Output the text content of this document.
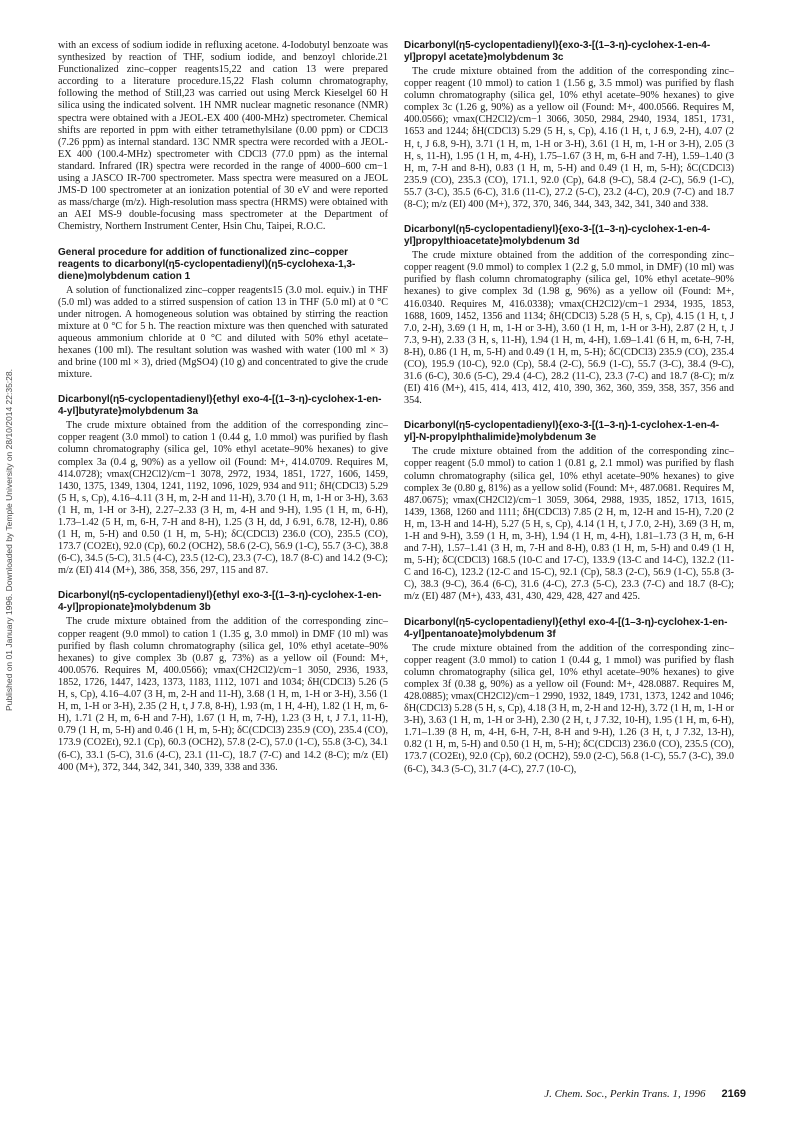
Published on 01 January 1996. Downloaded by Temple University on 28/10/2014 22:35:28.

with an excess of sodium iodide in refluxing acetone. 4-Iodobutyl benzoate was synthesized by reaction of THF, sodium iodide, and benzoyl chloride.21 Functionalized zinc–copper reagents15,22 and cation 13 were prepared according to a literature procedure.15,22 Flash column chromatography, following the method of Still,23 was carried out using Merck Kieselgel 60 H silica using the indicated solvent. 1H NMR nuclear magnetic resonance (NMR) spectra were obtained with a JEOL-EX 400 (400-MHz) spectrometer. Chemical shifts are reported in ppm with either tetramethylsilane (0.00 ppm) or CDCl3 (7.26 ppm) as internal standard. 13C NMR spectra were recorded with a JEOL-EX 400 (100.4-MHz) spectrometer with CDCl3 (77.0 ppm) as the internal standard. Infrared (IR) spectra were recorded in the range of 4000–600 cm−1 using a JASCO IR-700 spectrometer. Mass spectra were measured on a JEOL JMS-D 100 spectrometer at an ionization potential of 30 eV and were reported as mass/charge (m/z). High-resolution mass spectra (HRMS) were obtained with an AEI MS-9 double-focusing mass spectrometer at the Department of Chemistry, Northern Instrument Center, Hsin Chu, Taipei, R.O.C.

General procedure for addition of functionalized zinc–copper reagents to dicarbonyl(η5-cyclopentadienyl)(η5-cyclohexa-1,3-diene)molybdenum cation 1

A solution of functionalized zinc–copper reagents15 (3.0 mol. equiv.) in THF (5.0 ml) was added to a stirred suspension of cation 13 in THF (5.0 ml) at 0 °C under nitrogen. A homogeneous solution was obtained by stirring the reaction mixture at 0 °C for 5 h. The reaction mixture was then quenched with saturated aqueous ammonium chloride at 0 °C and diluted with 50% ethyl acetate–hexanes (100 ml). The resultant solution was washed with water (100 ml × 3) and brine (100 ml × 3), dried (MgSO4) (10 g) and concentrated to give the crude mixture.

Dicarbonyl(η5-cyclopentadienyl){ethyl exo-4-[(1–3-η)-cyclohex-1-en-4-yl]butyrate}molybdenum 3a

The crude mixture obtained from the addition of the corresponding zinc–copper reagent (3.0 mmol) to cation 1 (0.44 g, 1.0 mmol) was purified by flash column chromatography (silica gel, 10% ethyl acetate–90% hexanes) to give complex 3a (0.4 g, 90%) as a yellow oil (Found: M+, 414.0709. Requires M, 414.0728); νmax(CH2Cl2)/cm−1 3078, 2972, 1934, 1851, 1727, 1606, 1459, 1430, 1375, 1349, 1304, 1241, 1192, 1096, 1029, 934 and 911; δH(CDCl3) 5.29 (5 H, s, Cp), 4.16–4.11 (3 H, m, 2-H and 11-H), 3.70 (1 H, m, 1-H or 3-H), 3.63 (1 H, m, 1-H or 3-H), 2.27–2.33 (3 H, m, 4-H and 9-H), 1.95 (1 H, m, 6-H), 1.73–1.42 (5 H, m, 6-H, 7-H and 8-H), 1.25 (3 H, dd, J 6.91, 6.78, 12-H), 0.86 (1 H, m, 5-H) and 0.50 (1 H, m, 5-H); δC(CDCl3) 236.0 (CO), 235.5 (CO), 173.7 (CO2Et), 92.0 (Cp), 60.2 (OCH2), 58.6 (2-C), 56.9 (1-C), 55.7 (3-C), 38.8 (6-C), 34.5 (5-C), 31.5 (4-C), 23.5 (12-C), 23.3 (7-C), 18.7 (8-C) and 14.2 (9-C); m/z (EI) 414 (M+), 386, 358, 356, 297, 115 and 87.

Dicarbonyl(η5-cyclopentadienyl){ethyl exo-3-[(1–3-η)-cyclohex-1-en-4-yl]propionate}molybdenum 3b

The crude mixture obtained from the addition of the corresponding zinc–copper reagent (9.0 mmol) to cation 1 (1.35 g, 3.0 mmol) in DMF (10 ml) was purified by flash column chromatography (silica gel, 10% ethyl acetate–90% hexanes) to give complex 3b (0.87 g, 73%) as a yellow oil (Found: M+, 400.0576. Requires M, 400.0566); νmax(CH2Cl2)/cm−1 3050, 2936, 1933, 1852, 1726, 1447, 1423, 1373, 1183, 1112, 1071 and 1034; δH(CDCl3) 5.26 (5 H, s, Cp), 4.16–4.07 (3 H, m, 2-H and 11-H), 3.68 (1 H, m, 1-H or 3-H), 3.56 (1 H, m, 1-H or 3-H), 2.35 (2 H, t, J 7.8, 8-H), 1.93 (m, 1 H, 4-H), 1.82 (1 H, m, 6-H), 1.71 (2 H, m, 6-H and 7-H), 1.67 (1 H, m, 7-H), 1.23 (3 H, t, J 7.1, 11-H), 0.79 (1 H, m, 5-H) and 0.46 (1 H, m, 5-H); δC(CDCl3) 235.9 (CO), 235.4 (CO), 173.9 (CO2Et), 92.1 (Cp), 60.3 (OCH2), 57.8 (2-C), 57.0 (1-C), 55.8 (3-C), 34.1 (6-C), 33.1 (5-C), 31.6 (4-C), 23.1 (11-C), 18.7 (7-C) and 14.2 (8-C); m/z (EI) 400 (M+), 372, 344, 342, 341, 340, 339, 338 and 336.

Dicarbonyl(η5-cyclopentadienyl){exo-3-[(1–3-η)-cyclohex-1-en-4-yl]propyl acetate}molybdenum 3c

The crude mixture obtained from the addition of the corresponding zinc–copper reagent (10 mmol) to cation 1 (1.56 g, 3.5 mmol) was purified by flash column chromatography (silica gel, 10% ethyl acetate–90% hexanes) to give complex 3c (1.26 g, 90%) as a yellow oil (Found: M+, 400.0566. Requires M, 400.0566); νmax(CH2Cl2)/cm−1 3066, 3050, 2984, 2940, 1934, 1851, 1731, 1653 and 1244; δH(CDCl3) 5.29 (5 H, s, Cp), 4.16 (1 H, t, J 6.9, 2-H), 4.07 (2 H, t, J 6.8, 9-H), 3.71 (1 H, m, 1-H or 3-H), 3.61 (1 H, m, 1-H or 3-H), 2.05 (3 H, s, 11-H), 1.95 (1 H, m, 4-H), 1.75–1.67 (3 H, m, 6-H and 7-H), 1.59–1.40 (3 H, m, 7-H and 8-H), 0.83 (1 H, m, 5-H) and 0.49 (1 H, m, 5-H); δC(CDCl3) 235.9 (CO), 235.3 (CO), 171.1, 92.0 (Cp), 64.8 (9-C), 58.4 (2-C), 56.9 (1-C), 55.7 (3-C), 35.5 (6-C), 31.6 (11-C), 27.2 (5-C), 23.2 (4-C), 20.9 (7-C) and 18.7 (8-C); m/z (EI) 400 (M+), 372, 370, 346, 344, 343, 342, 341, 340 and 338.

Dicarbonyl(η5-cyclopentadienyl){exo-3-[(1–3-η)-cyclohex-1-en-4-yl]propylthioacetate}molybdenum 3d

The crude mixture obtained from the addition of the corresponding zinc–copper reagent (9.0 mmol) to complex 1 (2.2 g, 5.0 mmol, in DMF) (10 ml) was purified by flash column chromatography (silica gel, 10% ethyl acetate–90% hexanes) to give complex 3d (1.98 g, 96%) as a yellow oil (Found: M+, 416.0340. Requires M, 416.0338); νmax(CH2Cl2)/cm−1 2934, 1935, 1853, 1688, 1609, 1452, 1356 and 1134; δH(CDCl3) 5.28 (5 H, s, Cp), 4.15 (1 H, t, J 7.0, 2-H), 3.69 (1 H, m, 1-H or 3-H), 3.60 (1 H, m, 1-H or 3-H), 2.87 (2 H, t, J 7.3, 9-H), 2.33 (3 H, s, 11-H), 1.94 (1 H, m, 4-H), 1.69–1.41 (6 H, m, 6-H, 7-H, 8-H), 0.86 (1 H, m, 5-H) and 0.49 (1 H, m, 5-H); δC(CDCl3) 235.9 (CO), 235.4 (CO), 195.9 (10-C), 92.0 (Cp), 58.4 (2-C), 56.9 (1-C), 55.7 (3-C), 38.4 (9-C), 31.6 (6-C), 30.6 (5-C), 29.4 (4-C), 28.2 (11-C), 23.3 (7-C) and 18.7 (8-C); m/z (EI) 416 (M+), 415, 414, 413, 412, 410, 390, 362, 360, 359, 358, 357, 356 and 354.

Dicarbonyl(η5-cyclopentadienyl){exo-3-[(1–3-η)-1-cyclohex-1-en-4-yl]-N-propylphthalimide}molybdenum 3e

The crude mixture obtained from the addition of the corresponding zinc–copper reagent (5.0 mmol) to cation 1 (0.81 g, 2.1 mmol) was purified by flash column chromatography (silica gel, 10% ethyl acetate–90% hexanes) to give complex 3e (0.80 g, 81%) as a yellow solid (Found: M+, 487.0681. Requires M, 487.0675); νmax(CH2Cl2)/cm−1 3059, 3064, 2988, 1935, 1852, 1713, 1615, 1439, 1368, 1260 and 1111; δH(CDCl3) 7.85 (2 H, m, 12-H and 15-H), 7.20 (2 H, m, 13-H and 14-H), 5.27 (5 H, s, Cp), 4.14 (1 H, t, J 7.0, 2-H), 3.69 (3 H, m, 1-H and 9-H), 3.59 (1 H, m, 3-H), 1.94 (1 H, m, 4-H), 1.81–1.73 (3 H, m, 6-H and 7-H), 1.57–1.41 (3 H, m, 7-H and 8-H), 0.83 (1 H, m, 5-H) and 0.49 (1 H, m, 5-H); δC(CDCl3) 168.5 (10-C and 17-C), 133.9 (13-C and 14-C), 132.2 (11-C and 16-C), 123.2 (12-C and 15-C), 92.1 (Cp), 58.3 (2-C), 56.9 (1-C), 55.8 (3-C), 38.3 (9-C), 36.4 (6-C), 31.6 (4-C), 27.3 (5-C), 23.3 (7-C) and 18.7 (8-C); m/z (EI) 487 (M+), 433, 431, 430, 429, 428, 427 and 425.

Dicarbonyl(η5-cyclopentadienyl){ethyl exo-4-[(1–3-η)-cyclohex-1-en-4-yl]pentanoate}molybdenum 3f

The crude mixture obtained from the addition of the corresponding zinc–copper reagent (3.0 mmol) to cation 1 (0.44 g, 1 mmol) was purified by flash column chromatography (silica gel, 10% ethyl acetate–90% hexanes) to give complex 3f (0.38 g, 90%) as a yellow oil (Found: M+, 428.0887. Requires M, 428.0885); νmax(CH2Cl2)/cm−1 2990, 1932, 1849, 1731, 1373, 1242 and 1046; δH(CDCl3) 5.28 (5 H, s, Cp), 4.18 (3 H, m, 2-H and 12-H), 3.72 (1 H, m, 1-H or 3-H), 3.63 (1 H, m, 1-H or 3-H), 2.30 (2 H, t, J 7.32, 10-H), 1.95 (1 H, m, 6-H), 1.71–1.39 (8 H, m, 4-H, 6-H, 7-H, 8-H and 9-H), 1.26 (3 H, t, J 7.32, 13-H), 0.82 (1 H, m, 5-H) and 0.50 (1 H, m, 5-H); δC(CDCl3) 236.0 (CO), 235.5 (CO), 173.7 (CO2Et), 92.0 (Cp), 60.2 (OCH2), 59.0 (2-C), 56.8 (1-C), 55.7 (3-C), 39.0 (6-C), 34.3 (5-C), 31.7 (4-C), 27.7 (10-C),

J. Chem. Soc., Perkin Trans. 1, 1996 2169
